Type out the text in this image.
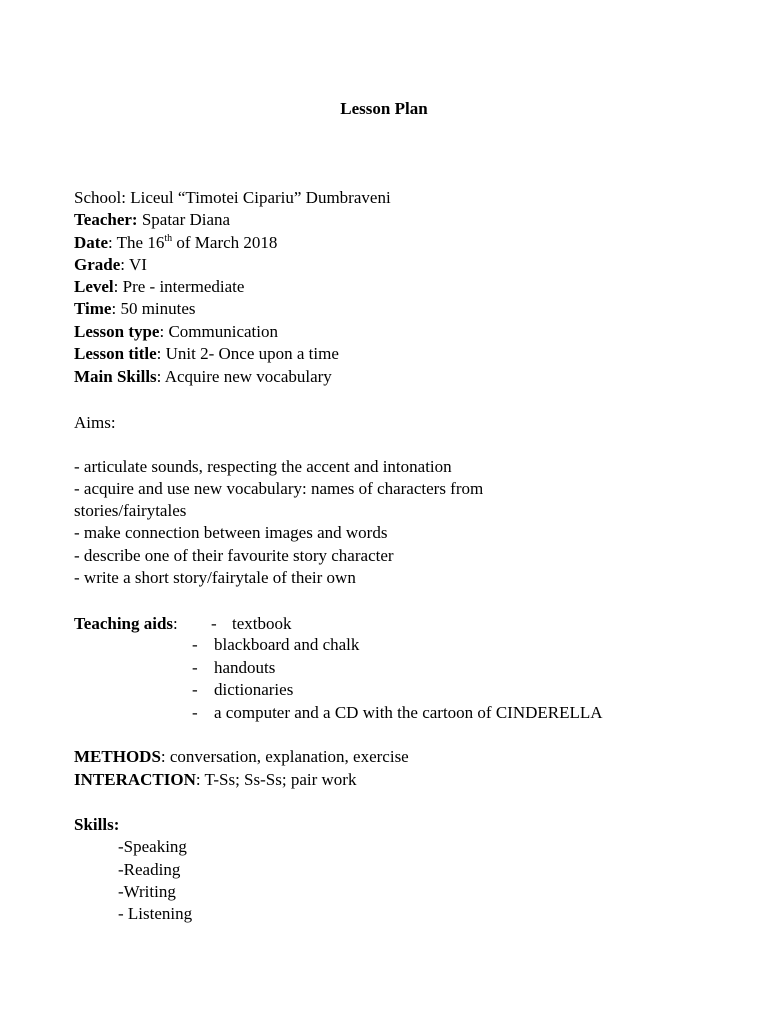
Lesson Plan
School: Liceul “Timotei Cipariu” Dumbraveni
Teacher: Spatar Diana
Date: The 16th of March 2018
Grade: VI
Level: Pre - intermediate
Time: 50 minutes
Lesson type: Communication
Lesson title: Unit 2- Once upon a time
Main Skills: Acquire new vocabulary
Aims:
- articulate sounds, respecting the accent and intonation
- acquire and use new vocabulary: names of characters from
stories/fairytales
- make connection between images and words
- describe one of their favourite story character
- write a short story/fairytale of their own
Teaching aids: - textbook
- blackboard and chalk
- handouts
- dictionaries
- a computer and a CD with the cartoon of CINDERELLA
METHODS: conversation, explanation, exercise
INTERACTION: T-Ss; Ss-Ss; pair work
Skills:
-Speaking
-Reading
-Writing
- Listening
